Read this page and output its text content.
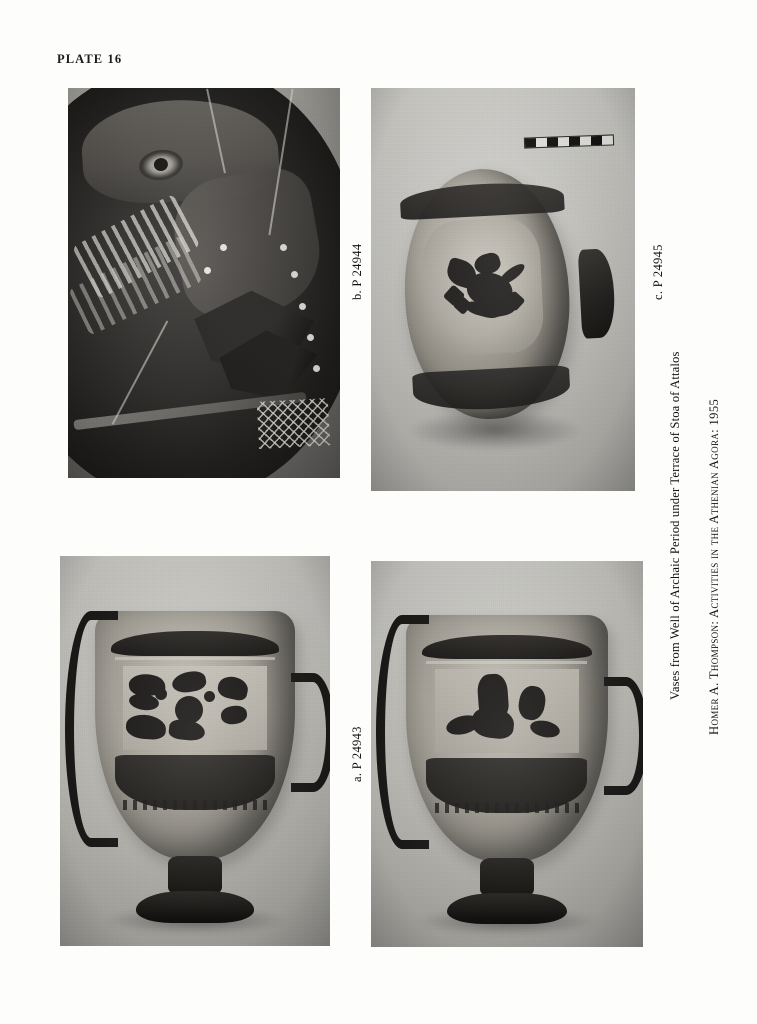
PLATE 16
b. P 24944	c. P 24945
a. P 24943
Vases from Well of Archaic Period under Terrace of Stoa of Attalos Homer A. Thompson: Activities in the Athenian Agora: 1955
